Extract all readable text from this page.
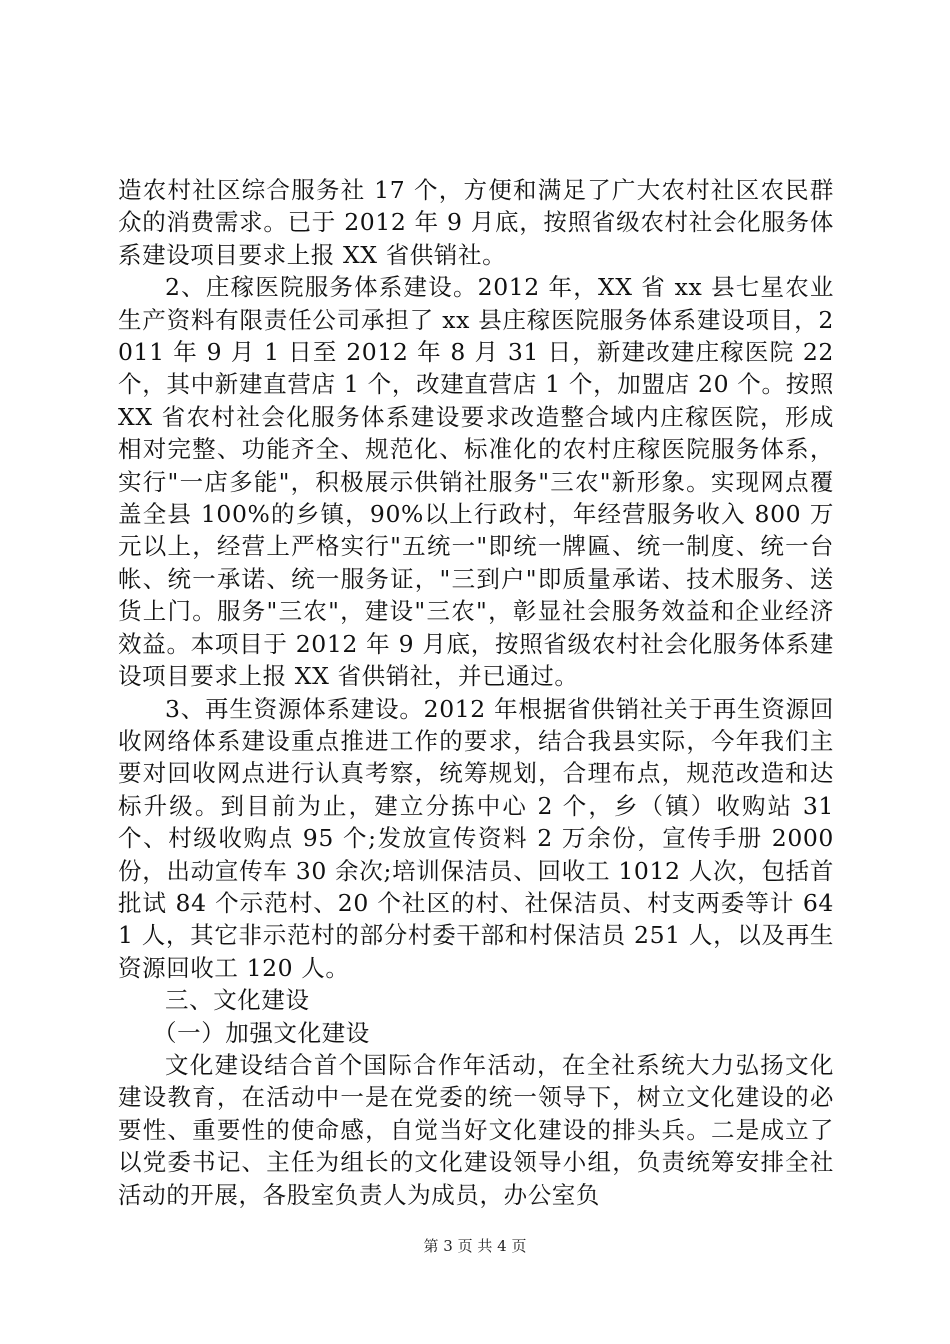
造农村社区综合服务社 17 个，方便和满足了广大农村社区农民群众的消费需求。已于 2012 年 9 月底，按照省级农村社会化服务体系建设项目要求上报 XX 省供销社。

2、庄稼医院服务体系建设。2012 年，XX 省 xx 县七星农业生产资料有限责任公司承担了 xx 县庄稼医院服务体系建设项目，2011 年 9 月 1 日至 2012 年 8 月 31 日，新建改建庄稼医院 22 个，其中新建直营店 1 个，改建直营店 1 个，加盟店 20 个。按照 XX 省农村社会化服务体系建设要求改造整合域内庄稼医院，形成相对完整、功能齐全、规范化、标准化的农村庄稼医院服务体系，实行"一店多能"，积极展示供销社服务"三农"新形象。实现网点覆盖全县 100%的乡镇，90%以上行政村，年经营服务收入 800 万元以上，经营上严格实行"五统一"即统一牌匾、统一制度、统一台帐、统一承诺、统一服务证，"三到户"即质量承诺、技术服务、送货上门。服务"三农"，建设"三农"，彰显社会服务效益和企业经济效益。本项目于 2012 年 9 月底，按照省级农村社会化服务体系建设项目要求上报 XX 省供销社，并已通过。

3、再生资源体系建设。2012 年根据省供销社关于再生资源回收网络体系建设重点推进工作的要求，结合我县实际，今年我们主要对回收网点进行认真考察，统筹规划，合理布点，规范改造和达标升级。到目前为止，建立分拣中心 2 个，乡（镇）收购站 31 个、村级收购点 95 个;发放宣传资料 2 万余份，宣传手册 2000 份，出动宣传车 30 余次;培训保洁员、回收工 1012 人次，包括首批试 84 个示范村、20 个社区的村、社保洁员、村支两委等计 641 人，其它非示范村的部分村委干部和村保洁员 251 人，以及再生资源回收工 120 人。

三、文化建设

（一）加强文化建设

文化建设结合首个国际合作年活动，在全社系统大力弘扬文化建设教育，在活动中一是在党委的统一领导下，树立文化建设的必要性、重要性的使命感，自觉当好文化建设的排头兵。二是成立了以党委书记、主任为组长的文化建设领导小组，负责统筹安排全社活动的开展，各股室负责人为成员，办公室负

第 3 页 共 4 页
